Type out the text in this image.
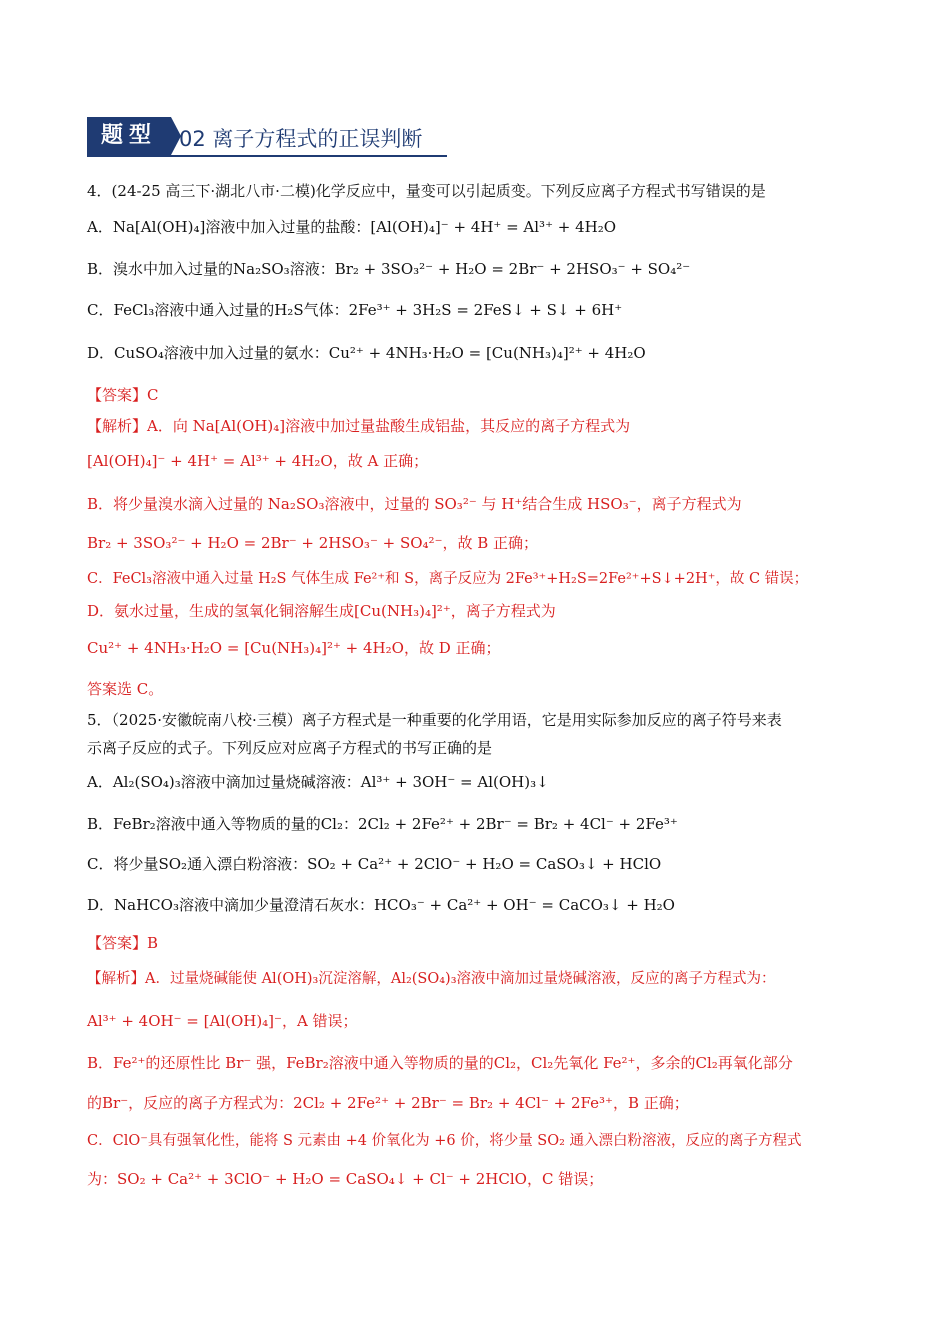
题型	02 离子方程式的正误判断
4．(24-25 高三下·湖北八市·二模)化学反应中，量变可以引起质变。下列反应离子方程式书写错误的是
A．Na[Al(OH)₄]溶液中加入过量的盐酸：[Al(OH)₄]⁻ + 4H⁺ = Al³⁺ + 4H₂O
B．溴水中加入过量的Na₂SO₃溶液：Br₂ + 3SO₃²⁻ + H₂O = 2Br⁻ + 2HSO₃⁻ + SO₄²⁻
C．FeCl₃溶液中通入过量的H₂S气体：2Fe³⁺ + 3H₂S = 2FeS↓ + S↓ + 6H⁺
D．CuSO₄溶液中加入过量的氨水：Cu²⁺ + 4NH₃·H₂O = [Cu(NH₃)₄]²⁺ + 4H₂O
【答案】C
【解析】A．向 Na[Al(OH)₄]溶液中加过量盐酸生成铝盐，其反应的离子方程式为
[Al(OH)₄]⁻ + 4H⁺ = Al³⁺ + 4H₂O，故 A 正确；
B．将少量溴水滴入过量的 Na₂SO₃溶液中，过量的 SO₃²⁻ 与 H⁺结合生成 HSO₃⁻，离子方程式为
Br₂ + 3SO₃²⁻ + H₂O = 2Br⁻ + 2HSO₃⁻ + SO₄²⁻，故 B 正确；
C．FeCl₃溶液中通入过量 H₂S 气体生成 Fe²⁺和 S，离子反应为 2Fe³⁺+H₂S=2Fe²⁺+S↓+2H⁺，故 C 错误；
D．氨水过量，生成的氢氧化铜溶解生成[Cu(NH₃)₄]²⁺，离子方程式为
Cu²⁺ + 4NH₃·H₂O = [Cu(NH₃)₄]²⁺ + 4H₂O，故 D 正确；
答案选 C。
5．（2025·安徽皖南八校·三模）离子方程式是一种重要的化学用语，它是用实际参加反应的离子符号来表
示离子反应的式子。下列反应对应离子方程式的书写正确的是
A．Al₂(SO₄)₃溶液中滴加过量烧碱溶液：Al³⁺ + 3OH⁻ = Al(OH)₃↓
B．FeBr₂溶液中通入等物质的量的Cl₂：2Cl₂ + 2Fe²⁺ + 2Br⁻ = Br₂ + 4Cl⁻ + 2Fe³⁺
C．将少量SO₂通入漂白粉溶液：SO₂ + Ca²⁺ + 2ClO⁻ + H₂O = CaSO₃↓ + HClO
D．NaHCO₃溶液中滴加少量澄清石灰水：HCO₃⁻ + Ca²⁺ + OH⁻ = CaCO₃↓ + H₂O
【答案】B
【解析】A．过量烧碱能使 Al(OH)₃沉淀溶解，Al₂(SO₄)₃溶液中滴加过量烧碱溶液，反应的离子方程式为：
Al³⁺ + 4OH⁻ = [Al(OH)₄]⁻，A 错误；
B．Fe²⁺的还原性比 Br⁻ 强，FeBr₂溶液中通入等物质的量的Cl₂，Cl₂先氧化 Fe²⁺，多余的Cl₂再氧化部分
的Br⁻，反应的离子方程式为：2Cl₂ + 2Fe²⁺ + 2Br⁻ = Br₂ + 4Cl⁻ + 2Fe³⁺，B 正确；
C．ClO⁻具有强氧化性，能将 S 元素由 +4 价氧化为 +6 价，将少量 SO₂ 通入漂白粉溶液，反应的离子方程式
为：SO₂ + Ca²⁺ + 3ClO⁻ + H₂O = CaSO₄↓ + Cl⁻ + 2HClO，C 错误；
